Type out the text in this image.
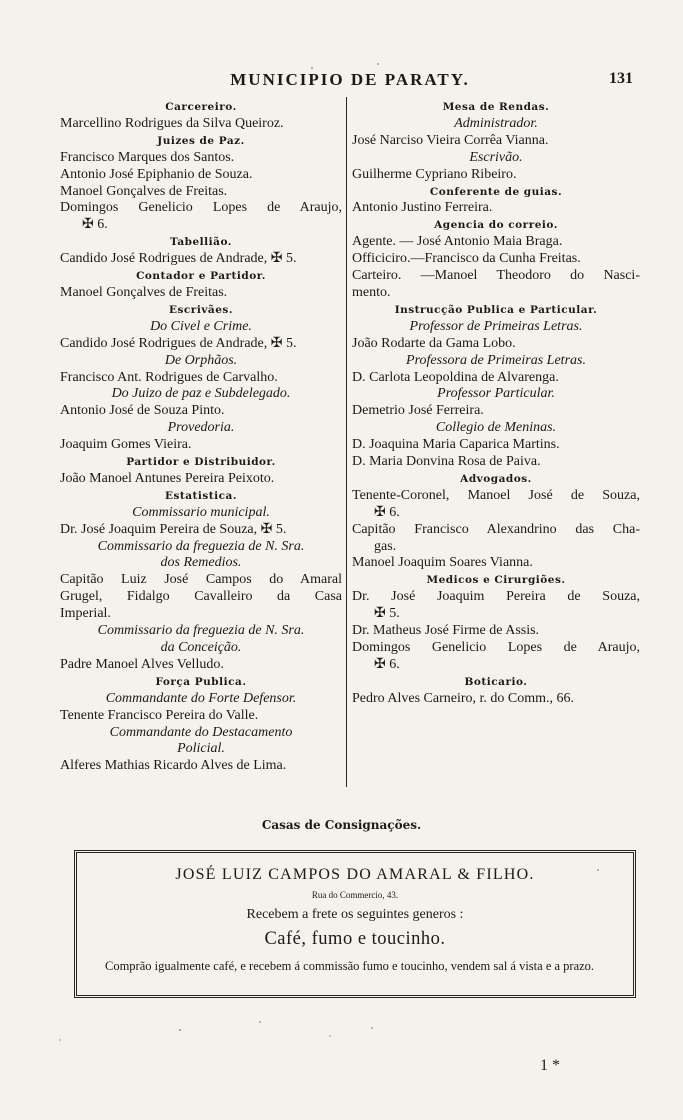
MUNICIPIO DE PARATY.	131
Carcereiro.
Marcellino Rodrigues da Silva Queiroz.
Juizes de Paz.
Francisco Marques dos Santos.
Antonio José Epiphanio de Souza.
Manoel Gonçalves de Freitas.
Domingos Genelicio Lopes de Araujo,
✠ 6.
Tabellião.
Candido José Rodrigues de Andrade, ✠ 5.
Contador e Partidor.
Manoel Gonçalves de Freitas.
Escrivães.
Do Civel e Crime.
Candido José Rodrigues de Andrade, ✠ 5.
De Orphãos.
Francisco Ant. Rodrigues de Carvalho.
Do Juizo de paz e Subdelegado.
Antonio José de Souza Pinto.
Provedoria.
Joaquim Gomes Vieira.
Partidor e Distribuidor.
João Manoel Antunes Pereira Peixoto.
Estatistica.
Commissario municipal.
Dr. José Joaquim Pereira de Souza, ✠ 5.
Commissario da freguezia de N. Sra.
dos Remedios.
Capitão Luiz José Campos do Amaral
Grugel, Fidalgo Cavalleiro da Casa
Imperial.
Commissario da freguezia de N. Sra.
da Conceição.
Padre Manoel Alves Velludo.
Força Publica.
Commandante do Forte Defensor.
Tenente Francisco Pereira do Valle.
Commandante do Destacamento
Policial.
Alferes Mathias Ricardo Alves de Lima.
Mesa de Rendas.
Administrador.
José Narciso Vieira Corrêa Vianna.
Escrivão.
Guilherme Cypriano Ribeiro.
Conferente de guias.
Antonio Justino Ferreira.
Agencia do correio.
Agente. — José Antonio Maia Braga.
Officiciro.—Francisco da Cunha Freitas.
Carteiro. —Manoel Theodoro do Nasci-
mento.
Instrucção Publica e Particular.
Professor de Primeiras Letras.
João Rodarte da Gama Lobo.
Professora de Primeiras Letras.
D. Carlota Leopoldina de Alvarenga.
Professor Particular.
Demetrio José Ferreira.
Collegio de Meninas.
D. Joaquina Maria Caparica Martins.
D. Maria Donvina Rosa de Paiva.
Advogados.
Tenente-Coronel, Manoel José de Souza,
✠ 6.
Capitão Francisco Alexandrino das Cha-
gas.
Manoel Joaquim Soares Vianna.
Medicos e Cirurgiões.
Dr. José Joaquim Pereira de Souza,
✠ 5.
Dr. Matheus José Firme de Assis.
Domingos Genelicio Lopes de Araujo,
✠ 6.
Boticario.
Pedro Alves Carneiro, r. do Comm., 66.
Casas de Consignações.
JOSÉ LUIZ CAMPOS DO AMARAL & FILHO.
Rua do Commercio, 43.
Recebem a frete os seguintes generos :
Café, fumo e toucinho.
Comprão igualmente café, e recebem á commissão fumo e toucinho, vendem sal á vista e a prazo.
1 *
